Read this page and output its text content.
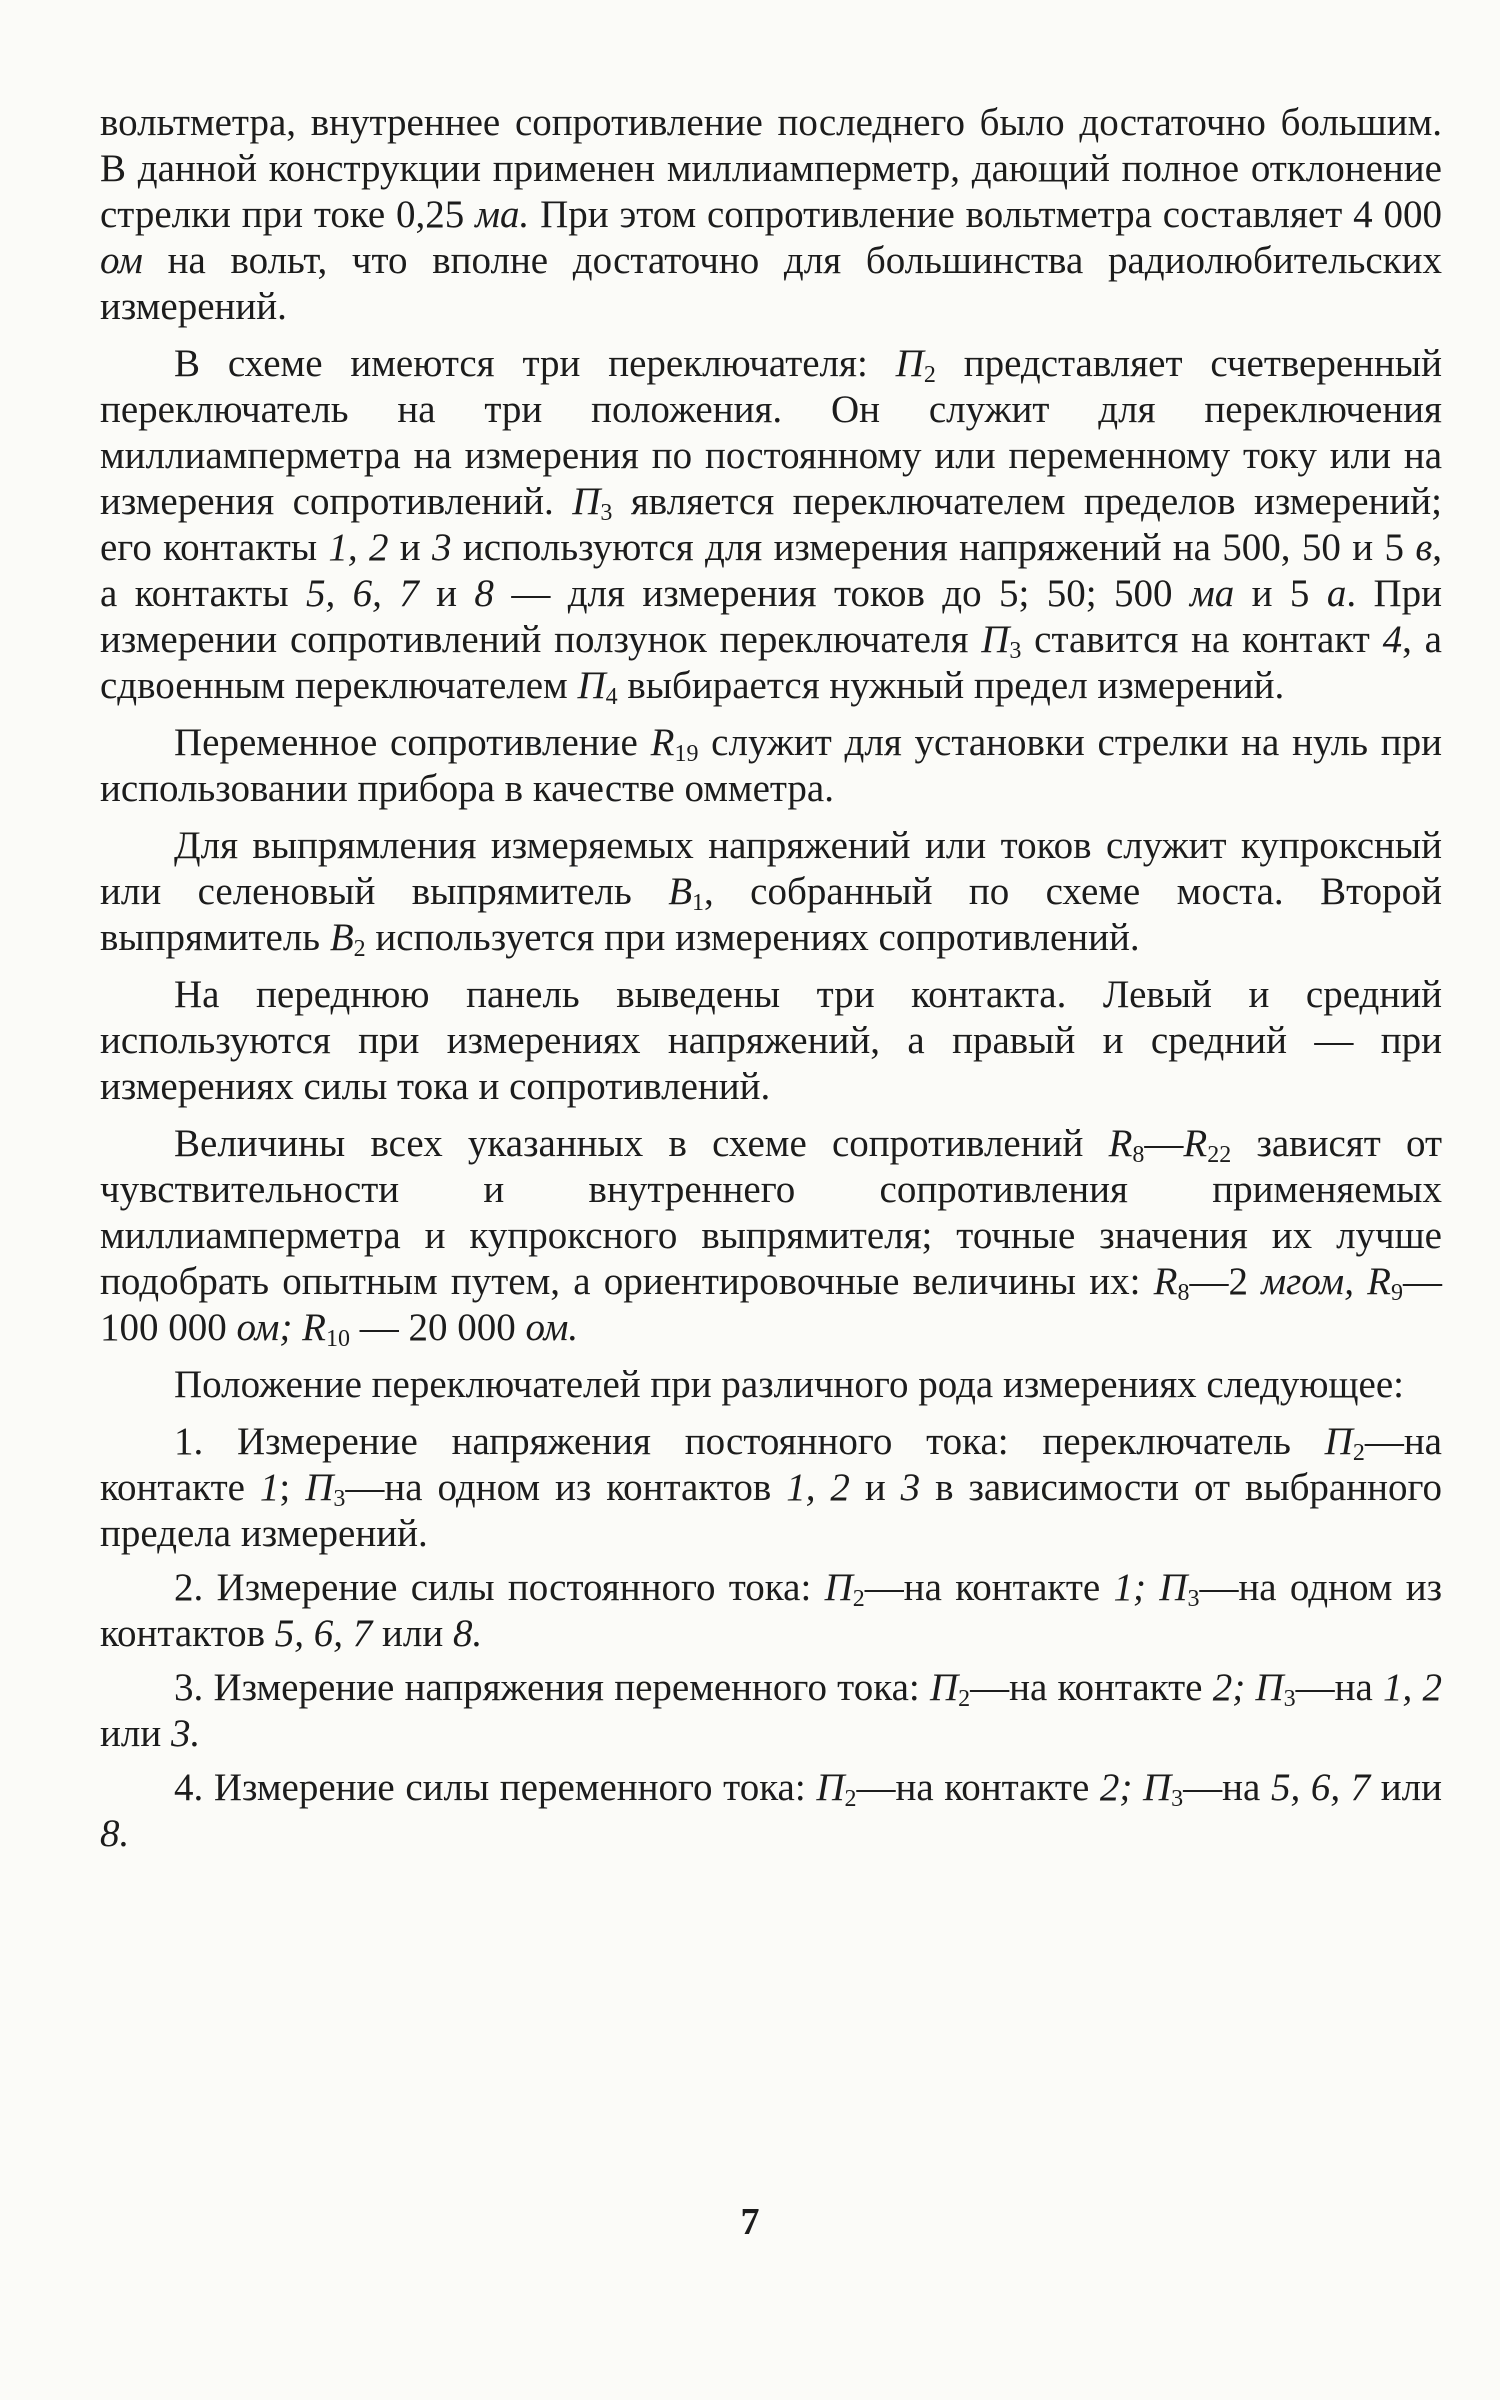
вольтметра, внутреннее сопротивление последнего было достаточно большим. В данной конструкции применен миллиамперметр, дающий полное отклонение стрелки при токе 0,25 ма. При этом сопротивление вольтметра составляет 4 000 ом на вольт, что вполне достаточно для большинства радиолюбительских измерений.

В схеме имеются три переключателя: $П_2$ представляет счетверенный переключатель на три положения. Он служит для переключения миллиамперметра на измерения по постоянному или переменному току или на измерения сопротивлений. $П_3$ является переключателем пределов измерений; его контакты 1, 2 и 3 используются для измерения напряжений на 500, 50 и 5 в, а контакты 5, 6, 7 и 8 — для измерения токов до 5; 50; 500 ма и 5 а. При измерении сопротивлений ползунок переключателя $П_3$ ставится на контакт 4, а сдвоенным переключателем $П_4$ выбирается нужный предел измерений.

Переменное сопротивление $R_{19}$ служит для установки стрелки на нуль при использовании прибора в качестве омметра.

Для выпрямления измеряемых напряжений или токов служит купроксный или селеновый выпрямитель $B_1$, собранный по схеме моста. Второй выпрямитель $B_2$ используется при измерениях сопротивлений.

На переднюю панель выведены три контакта. Левый и средний используются при измерениях напряжений, а правый и средний — при измерениях силы тока и сопротивлений.

Величины всех указанных в схеме сопротивлений $R_8—R_{22}$ зависят от чувствительности и внутреннего сопротивления применяемых миллиамперметра и купроксного выпрямителя; точные значения их лучше подобрать опытным путем, а ориентировочные величины их: $R_8—2$ мгом, $R_9—100$ 000 ом; $R_{10}$ — 20 000 ом.

Положение переключателей при различного рода измерениях следующее:

1. Измерение напряжения постоянного тока: переключатель $П_2—на$ контакте 1; $П_3—на$ одном из контактов 1, 2 и 3 в зависимости от выбранного предела измерений.

2. Измерение силы постоянного тока: $П_2—на$ контакте 1; $П_3—на$ одном из контактов 5, 6, 7 или 8.

3. Измерение напряжения переменного тока: $П_2—на$ контакте 2; $П_3—на$ 1, 2 или 3.

4. Измерение силы переменного тока: $П_2—на$ контакте 2; $П_3—на$ 5, 6, 7 или 8.

7
